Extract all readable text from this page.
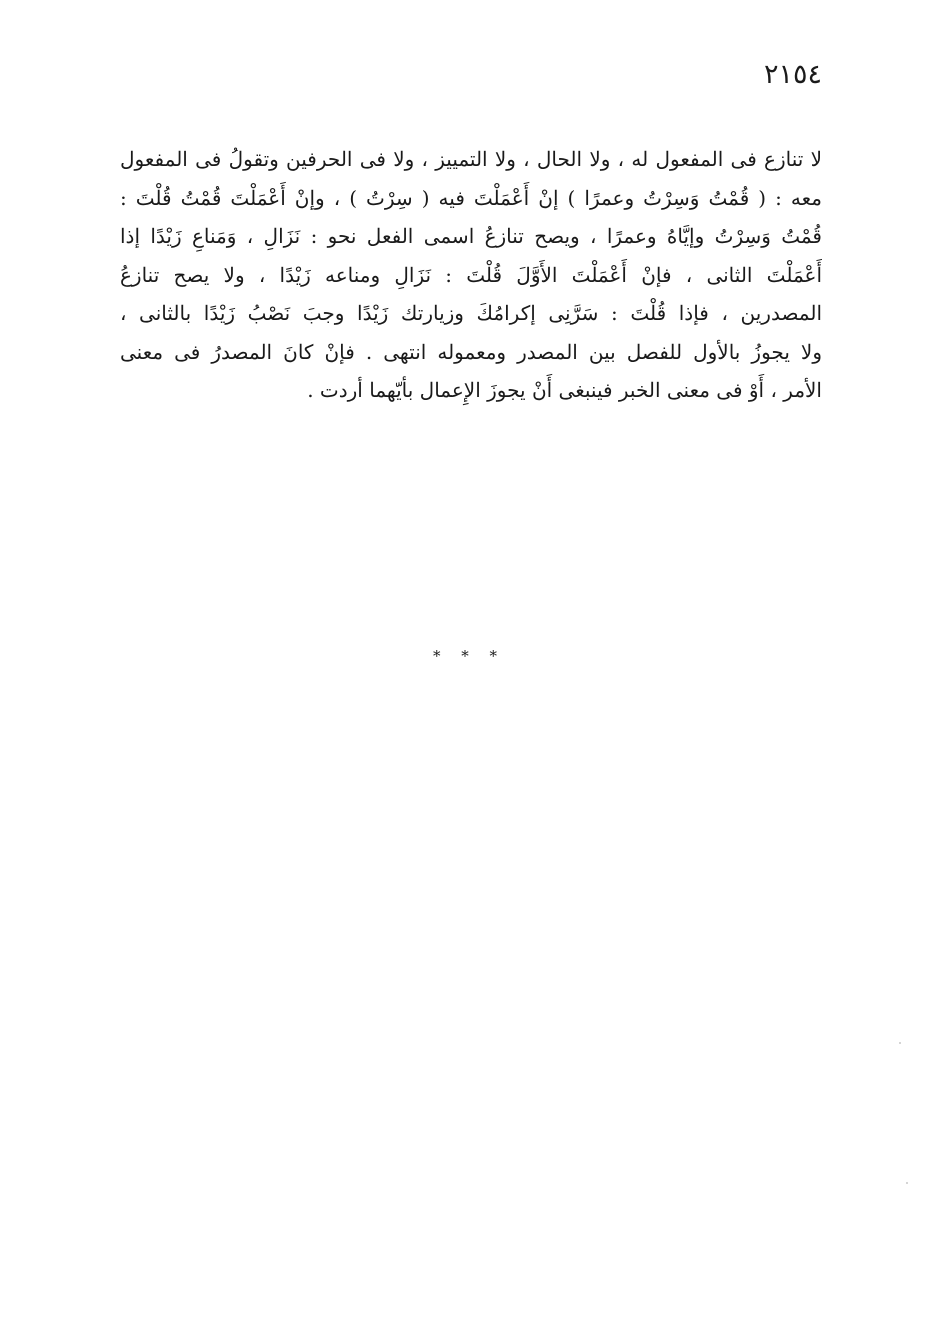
٢١٥٤
لا تنازع فى المفعول له ، ولا الحال ، ولا التمييز ، ولا فى الحرفين وتقولُ فى المفعول
معه : ( قُمْتُ وَسِرْتُ وعمرًا ) إنْ أَعْمَلْتَ فيه ( سِرْتُ ) ، وإنْ أَعْمَلْتَ قُمْتُ قُلْتَ :
قُمْتُ وَسِرْتُ وإيَّاهُ وعمرًا ، ويصح تنازعُ اسمى الفعل نحو : نَزَالِ ، وَمَناعِ زَيْدًا إذا
أَعْمَلْتَ الثانى ، فإنْ أَعْمَلْتَ الأَوَّلَ قُلْتَ : نَزَالِ ومناعه زَيْدًا ، ولا يصح تنازعُ
المصدرين ، فإذا قُلْتَ : سَرَّنِى إكرامُكَ وزيارتك زَيْدًا وجبَ نَصْبُ زَيْدًا بالثانى ،
ولا يجوزُ بالأول للفصل بين المصدر ومعموله انتهى . فإنْ كانَ المصدرُ فى معنى
الأمر ، أَوْ فى معنى الخبر فينبغى أَنْ يجوزَ الإِعمال بأيّهما أردت .
* * *
